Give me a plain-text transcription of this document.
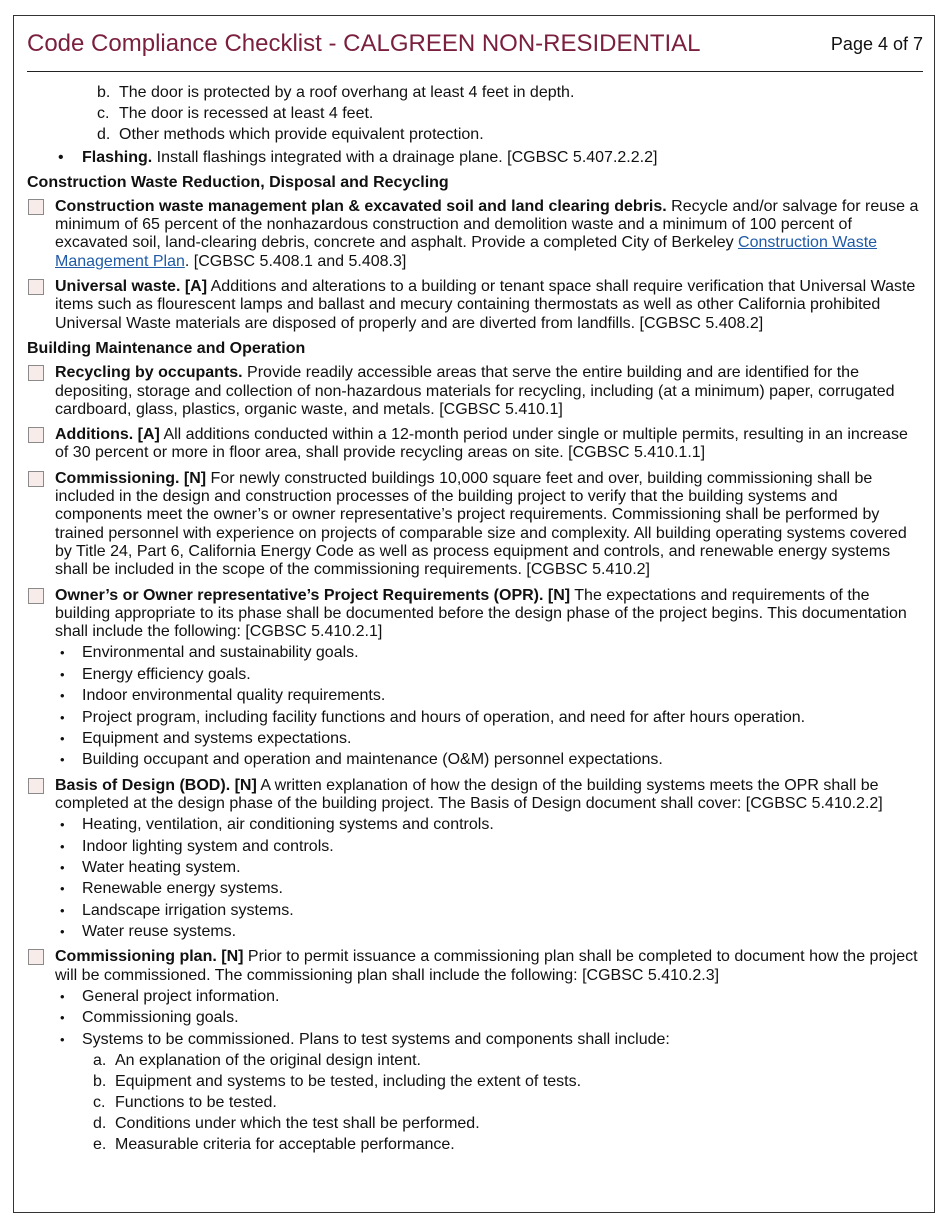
Code Compliance Checklist - CALGREEN NON-RESIDENTIAL	Page 4 of 7
b. The door is protected by a roof overhang at least 4 feet in depth.
c. The door is recessed at least 4 feet.
d. Other methods which provide equivalent protection.
• Flashing. Install flashings integrated with a drainage plane. [CGBSC 5.407.2.2.2]

Construction Waste Reduction, Disposal and Recycling

Construction waste management plan & excavated soil and land clearing debris. Recycle and/or salvage for reuse a minimum of 65 percent of the nonhazardous construction and demolition waste and a minimum of 100 percent of excavated soil, land-clearing debris, concrete and asphalt. Provide a completed City of Berkeley Construction Waste Management Plan. [CGBSC 5.408.1 and 5.408.3]
Universal waste. [A] Additions and alterations to a building or tenant space shall require verification that Universal Waste items such as flourescent lamps and ballast and mecury containing thermostats as well as other California prohibited Universal Waste materials are disposed of properly and are diverted from landfills. [CGBSC 5.408.2]

Building Maintenance and Operation

Recycling by occupants. Provide readily accessible areas that serve the entire building and are identified for the depositing, storage and collection of non-hazardous materials for recycling, including (at a minimum) paper, corrugated cardboard, glass, plastics, organic waste, and metals. [CGBSC 5.410.1]
Additions. [A] All additions conducted within a 12-month period under single or multiple permits, resulting in an increase of 30 percent or more in floor area, shall provide recycling areas on site. [CGBSC 5.410.1.1]
Commissioning. [N] For newly constructed buildings 10,000 square feet and over, building commissioning shall be included in the design and construction processes of the building project to verify that the building systems and components meet the owner’s or owner representative’s project requirements. Commissioning shall be performed by trained personnel with experience on projects of comparable size and complexity. All building operating systems covered by Title 24, Part 6, California Energy Code as well as process equipment and controls, and renewable energy systems shall be included in the scope of the commissioning requirements. [CGBSC 5.410.2]
Owner’s or Owner representative’s Project Requirements (OPR). [N] The expectations and requirements of the building appropriate to its phase shall be documented before the design phase of the project begins. This documentation shall include the following: [CGBSC 5.410.2.1]
• Environmental and sustainability goals.
• Energy efficiency goals.
• Indoor environmental quality requirements.
• Project program, including facility functions and hours of operation, and need for after hours operation.
• Equipment and systems expectations.
• Building occupant and operation and maintenance (O&M) personnel expectations.
Basis of Design (BOD). [N] A written explanation of how the design of the building systems meets the OPR shall be completed at the design phase of the building project. The Basis of Design document shall cover: [CGBSC 5.410.2.2]
• Heating, ventilation, air conditioning systems and controls.
• Indoor lighting system and controls.
• Water heating system.
• Renewable energy systems.
• Landscape irrigation systems.
• Water reuse systems.
Commissioning plan. [N] Prior to permit issuance a commissioning plan shall be completed to document how the project will be commissioned. The commissioning plan shall include the following: [CGBSC 5.410.2.3]
• General project information.
• Commissioning goals.
• Systems to be commissioned. Plans to test systems and components shall include:
a. An explanation of the original design intent.
b. Equipment and systems to be tested, including the extent of tests.
c. Functions to be tested.
d. Conditions under which the test shall be performed.
e. Measurable criteria for acceptable performance.
